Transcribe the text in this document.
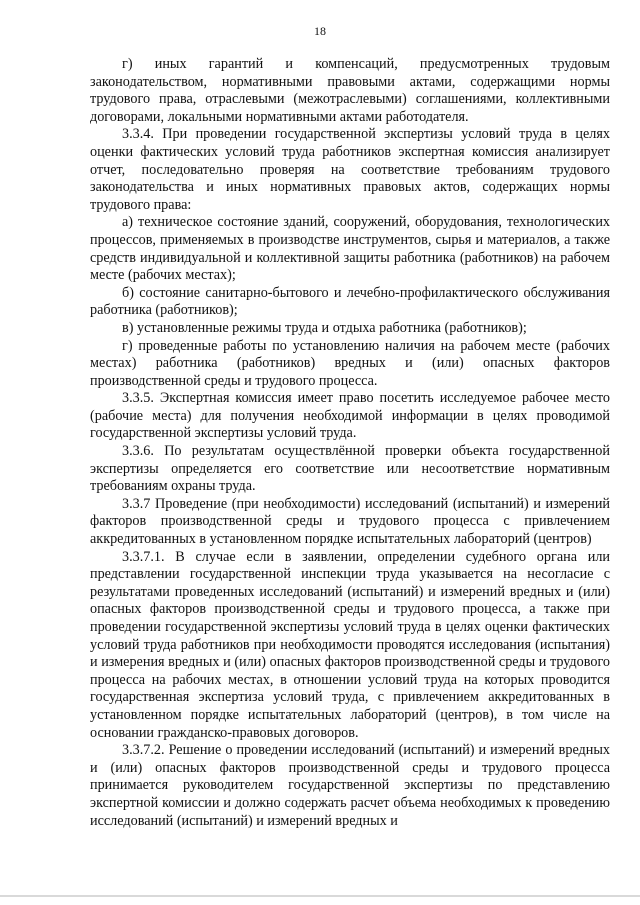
18

г) иных гарантий и компенсаций, предусмотренных трудовым законодательством, нормативными правовыми актами, содержащими нормы трудового права, отраслевыми (межотраслевыми) соглашениями, коллективными договорами, локальными нормативными актами работодателя.

3.3.4. При проведении государственной экспертизы условий труда в целях оценки фактических условий труда работников экспертная комиссия анализирует отчет, последовательно проверяя на соответствие требованиям трудового законодательства и иных нормативных правовых актов, содержащих нормы трудового права:

а) техническое состояние зданий, сооружений, оборудования, технологических процессов, применяемых в производстве инструментов, сырья и материалов, а также средств индивидуальной и коллективной защиты работника (работников) на рабочем месте (рабочих местах);

б) состояние санитарно-бытового и лечебно-профилактического обслуживания работника (работников);

в) установленные режимы труда и отдыха работника (работников);

г) проведенные работы по установлению наличия на рабочем месте (рабочих местах) работника (работников) вредных и (или) опасных факторов производственной среды и трудового процесса.

3.3.5. Экспертная комиссия имеет право посетить исследуемое рабочее место (рабочие места) для получения необходимой информации в целях проводимой государственной экспертизы условий труда.

3.3.6. По результатам осуществлённой проверки объекта государственной экспертизы определяется его соответствие или несоответствие нормативным требованиям охраны труда.

3.3.7 Проведение (при необходимости) исследований (испытаний) и измерений факторов производственной среды и трудового процесса с привлечением аккредитованных в установленном порядке испытательных лабораторий (центров)

3.3.7.1. В случае если в заявлении, определении судебного органа или представлении государственной инспекции труда указывается на несогласие с результатами проведенных исследований (испытаний) и измерений вредных и (или) опасных факторов производственной среды и трудового процесса, а также при проведении государственной экспертизы условий труда в целях оценки фактических условий труда работников при необходимости проводятся исследования (испытания) и измерения вредных и (или) опасных факторов производственной среды и трудового процесса на рабочих местах, в отношении условий труда на которых проводится государственная экспертиза условий труда, с привлечением аккредитованных в установленном порядке испытательных лабораторий (центров), в том числе на основании гражданско-правовых договоров.

3.3.7.2. Решение о проведении исследований (испытаний) и измерений вредных и (или) опасных факторов производственной среды и трудового процесса принимается руководителем государственной экспертизы по представлению экспертной комиссии и должно содержать расчет объема необходимых к проведению исследований (испытаний) и измерений вредных и
